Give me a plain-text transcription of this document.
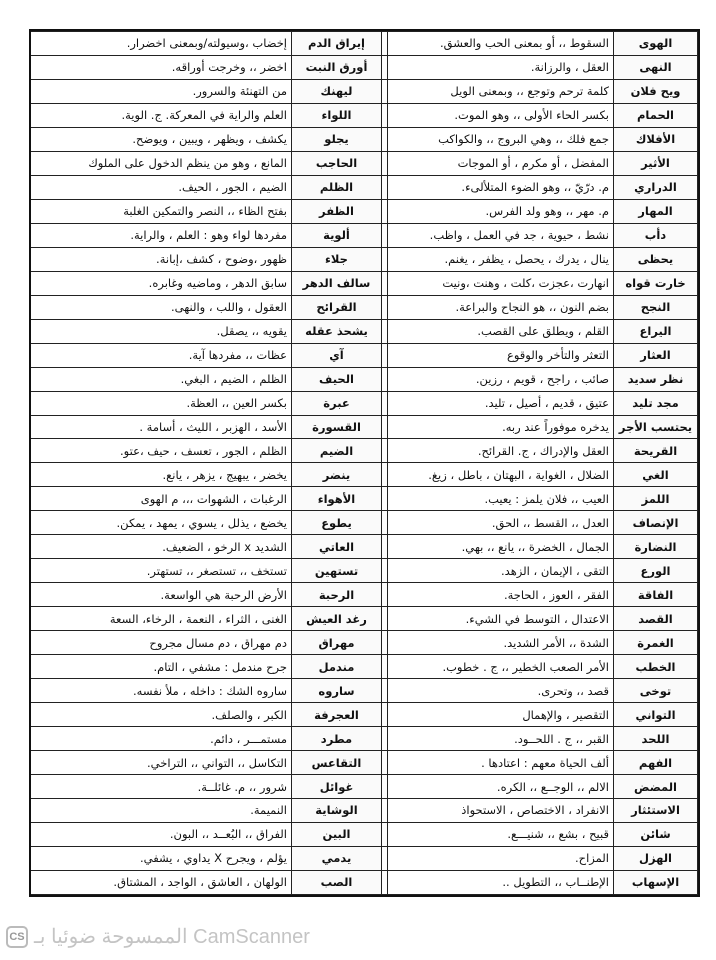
الهوى	السقوط ،، أو بمعنى الحب والعشق.		إيراق الدم	إخضاب ،وسيولته/وبمعنى اخضرار.
النهى	العقل ، والرزانة.		أورق النبت	اخضر ،، وخرجت أوراقه.
ويح فلان	كلمة ترحم وتوجع ،، وبمعنى الويل		ليهنك	من التهنئة والسرور.
الحمام	بكسر الحاء الأولى ،، وهو الموت.		اللواء	العلم والراية في المعركة. ج. الوية.
الأفلاك	جمع فلك ،، وهي البروج ،، والكواكب		يجلو	يكشف ، ويظهر ، ويبين ، ويوضح.
الأثير	المفضل ، أو مكرم ، أو الموجات		الحاجب	المانع ، وهو من ينظم الدخول على الملوك
الدراري	م. درّيّ ،، وهو الضوء المتلألىء.		الظلم	الضيم ، الجور ، الحيف.
المهار	م. مهر ،، وهو ولد الفرس.		الظفر	بفتح الظاء ،، النصر والتمكين الغلبة
دأب	نشط ، حيوية ، جد في العمل ، واظب.		ألوية	مفردها لواء وهو : العلم ، والراية.
يحظى	ينال ، يدرك ، يحصل ، يظفر ، يغنم.		جلاء	ظهور ،وضوح ، كشف ،إبانة.
خارت قواه	انهارت ،عجزت ،كلت ، وهنت ،ونيت		سالف الدهر	سابق الدهر ، وماضيه وغابره.
النجح	بضم النون ،، هو النجاح والبراعة.		القرائح	العقول ، واللب ، والنهى.
اليراع	القلم ، ويطلق على القصب.		يشحذ عقله	يقويه ،، يصقل.
العثار	التعثر والتأخر والوقوع		آي	عظات ،، مفردها آية.
نظر سديد	صائب ، راجح ، قويم ، رزين.		الحيف	الظلم ، الضيم ، البغي.
مجد تليد	عتيق ، قديم ، أصيل ، تليد.		عبرة	بكسر العين ،، العظة.
يحتسب الأجر	يدخره موفوراً عند ربه.		القسورة	الأسد ، الهزبر ، الليث ، أسامة .
القريحة	العقل والإدراك ، ج. القرائح.		الضيم	الظلم ، الجور ، تعسف ، حيف ،عتو.
الغي	الضلال ، الغواية ، البهتان ، باطل ، زيغ.		ينضر	يخضر ، يبهيج ، يزهر ، يانع.
اللمز	العيب ،، فلان يلمز : يعيب.		الأهواء	الرغبات ، الشهوات ،،، م الهوى
الإنصاف	العدل ،، القسط ،، الحق.		يطوع	يخضع ، يذلل ، يسوي ، يمهد ، يمكن.
النضارة	الجمال ، الخضرة ،، يانع ،، بهي.		العاتي	الشديد x الرخو ، الضعيف.
الورع	التقى ، الإيمان ، الزهد.		تستهين	تستخف ،، تستصغر ،، تستهتر.
الفاقة	الفقر ، العوز ، الحاجة.		الرحبة	الأرض الرحبة هي الواسعة.
القصد	الاعتدال ، التوسط في الشيء.		رغد العيش	الغنى ، الثراء ، النعمة ، الرخاء، السعة
الغمرة	الشدة ،، الأمر الشديد.		مهراق	دم مهراق ، دم مسال مجروح
الخطب	الأمر الصعب الخطير ،، ج . خطوب.		مندمل	جرح مندمل : مشفي ، التام.
توخى	قصد ،، وتحرى.		ساروه	ساروه الشك : داخله ، ملأ نفسه.
التواني	التقصير ، والإهمال		العجرفة	الكبر ، والصلف.
اللحد	القبر ،، ج . اللحــود.		مطرد	مستمـــر ، دائم.
الفهم	ألف الحياة معهم : اعتادها .		التقاعس	التكاسل ،، التواني ،، التراخي.
المضض	الالم ،، الوجــع ،، الكره.		غوائل	شرور ،، م. غائلــة.
الاستئثار	الانفراد ، الاختصاص ، الاستحواذ		الوشاية	النميمة.
شائن	قبيح ، بشع ،، شنيـــع.		البين	الفراق ،، البُعــد ،، البون.
الهزل	المزاح.		يدمي	يؤلم ، ويجرح X يداوي ، يشفي.
الإسهاب	الإطنــاب ،، التطويل ..		الصب	الولهان ، العاشق ، الواجد ، المشتاق.
CS الممسوحة ضوئيا بـ CamScanner
